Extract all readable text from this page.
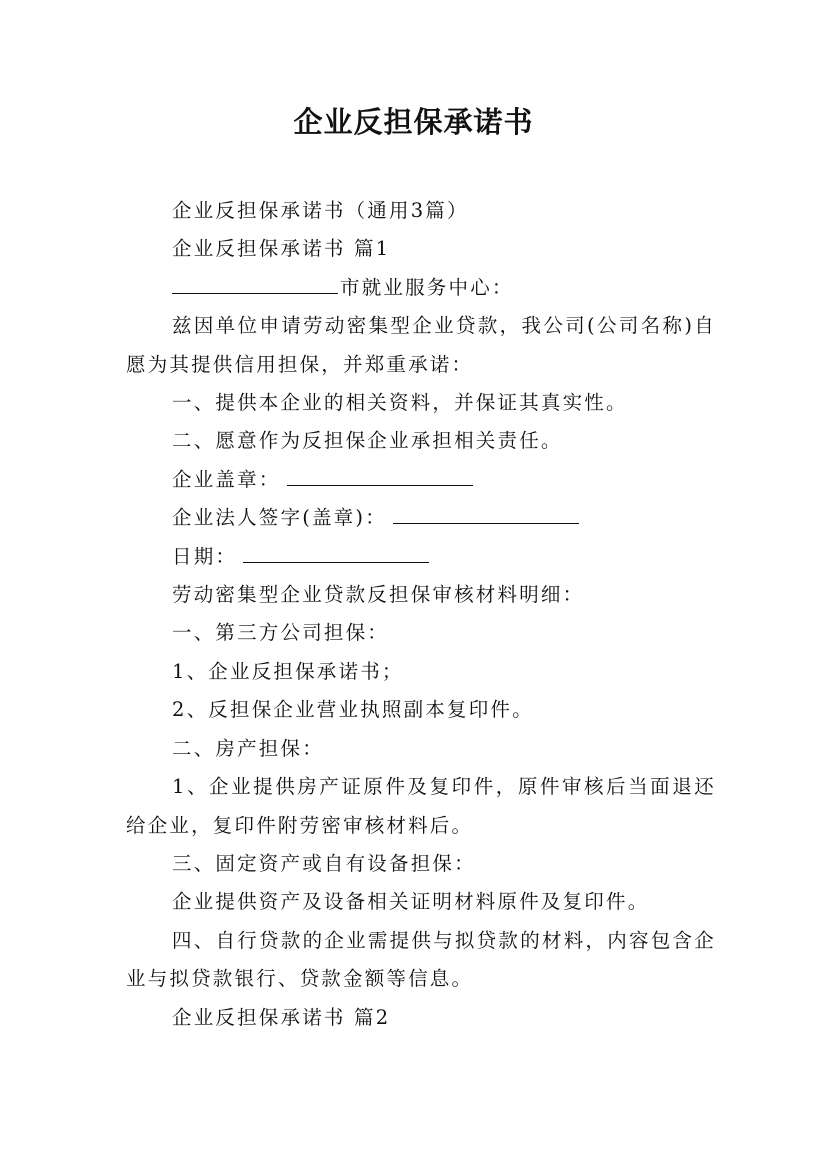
企业反担保承诺书

企业反担保承诺书（通用3篇）

企业反担保承诺书 篇1

市就业服务中心：

兹因单位申请劳动密集型企业贷款，我公司(公司名称)自愿为其提供信用担保，并郑重承诺：

一、提供本企业的相关资料，并保证其真实性。

二、愿意作为反担保企业承担相关责任。

企业盖章：

企业法人签字(盖章)：

日期：

劳动密集型企业贷款反担保审核材料明细：

一、第三方公司担保：

1、企业反担保承诺书；

2、反担保企业营业执照副本复印件。

二、房产担保：

1、企业提供房产证原件及复印件，原件审核后当面退还给企业，复印件附劳密审核材料后。

三、固定资产或自有设备担保：

企业提供资产及设备相关证明材料原件及复印件。

四、自行贷款的企业需提供与拟贷款的材料，内容包含企业与拟贷款银行、贷款金额等信息。

企业反担保承诺书 篇2
